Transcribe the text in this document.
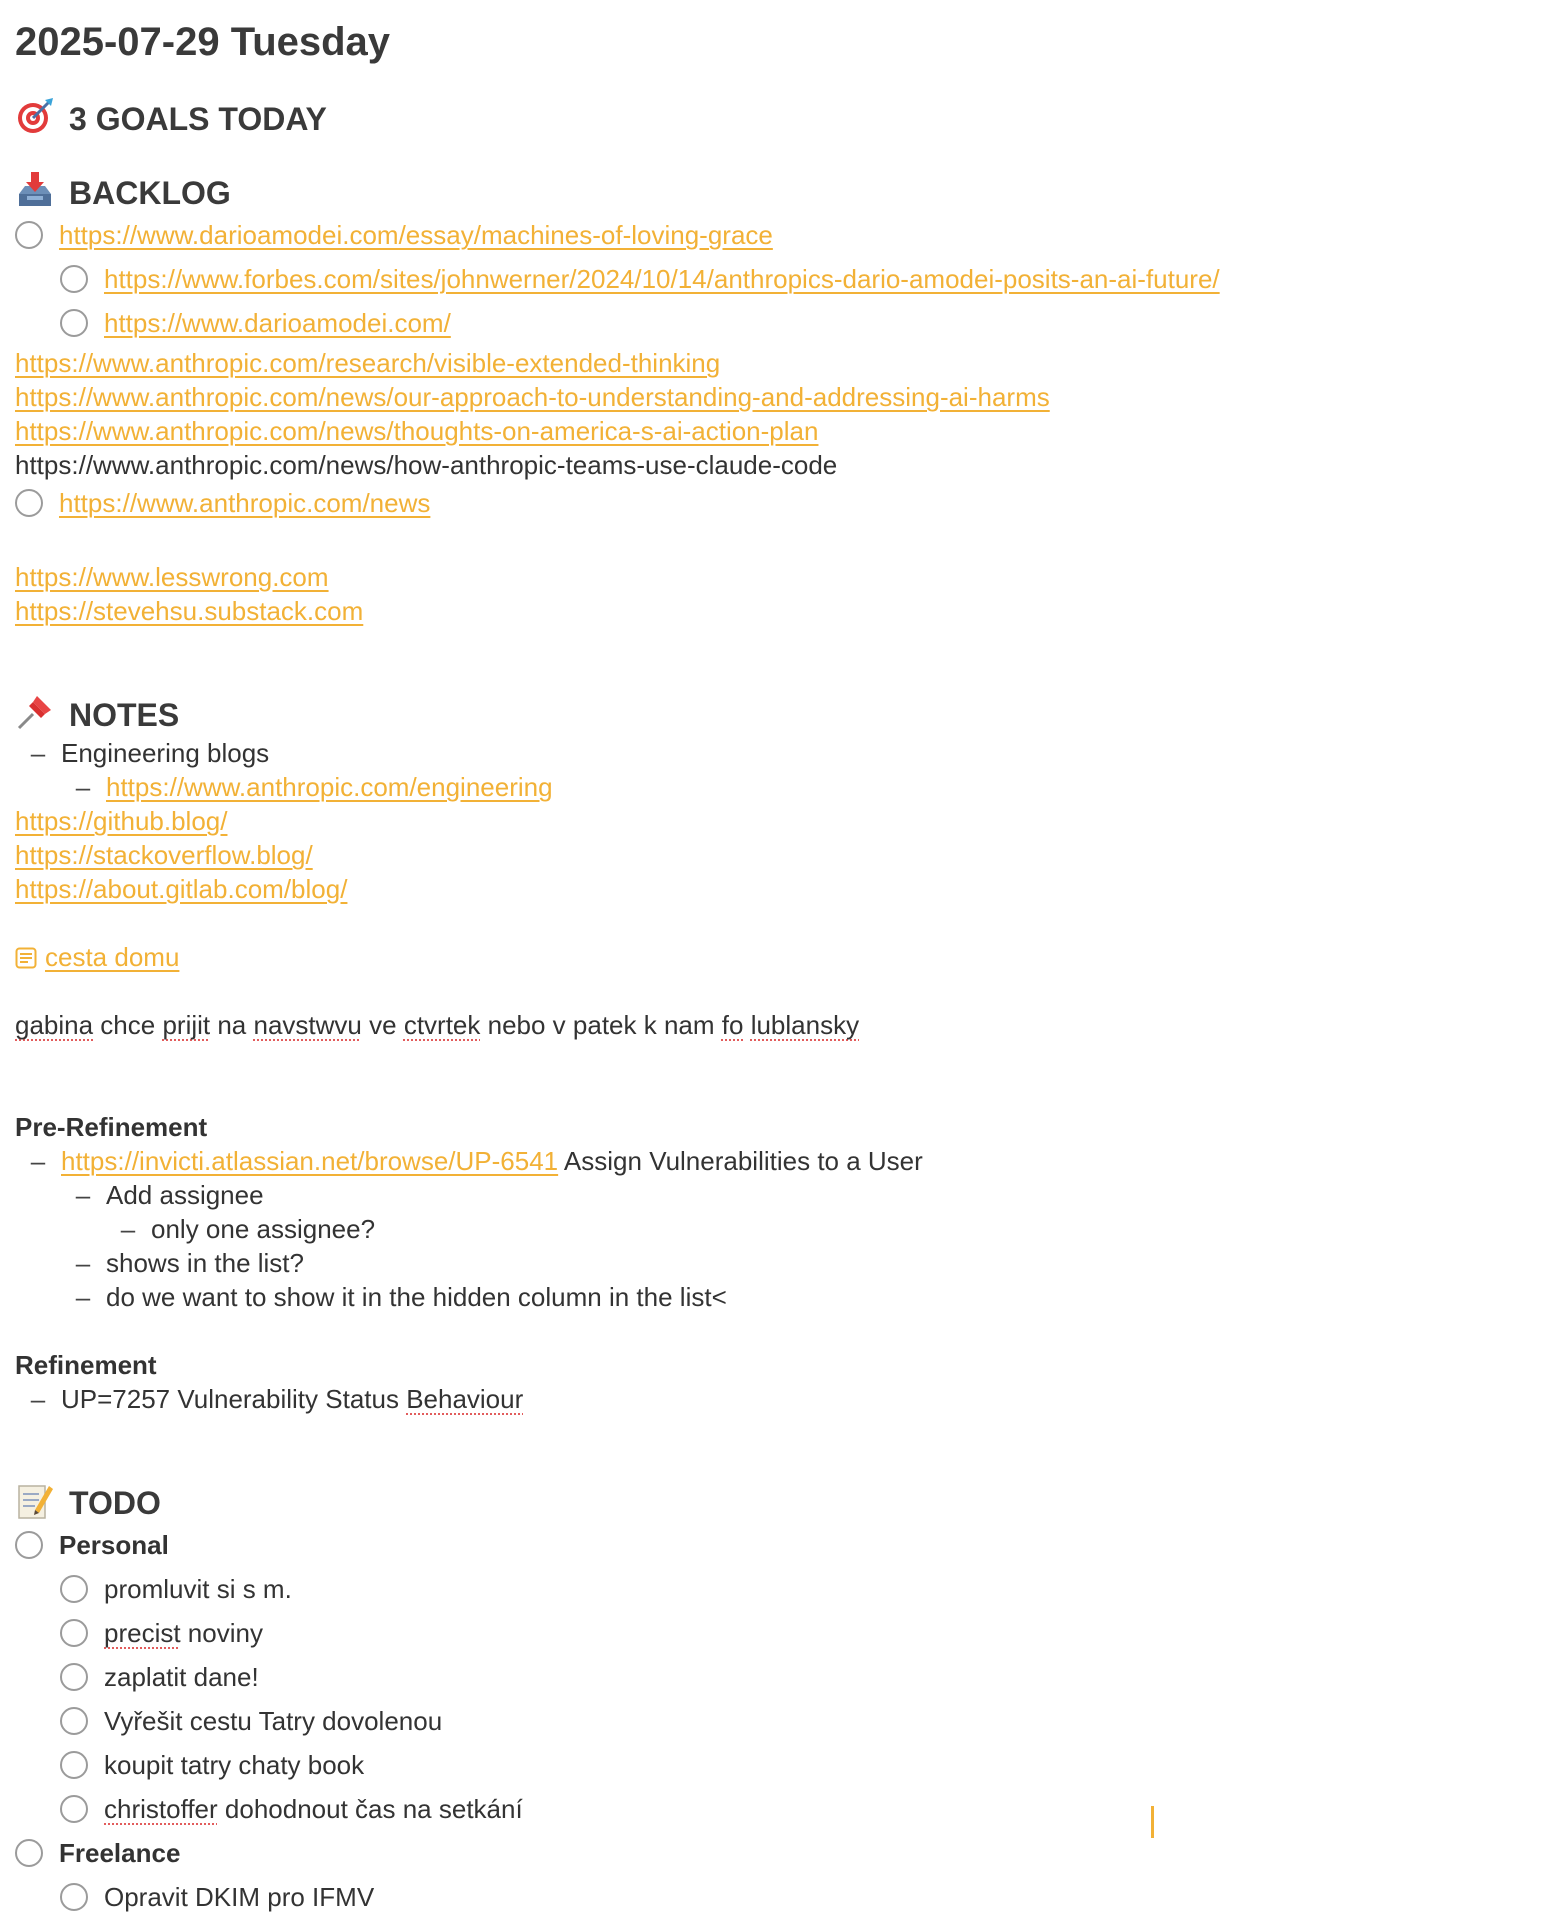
2025-07-29 Tuesday
3 GOALS TODAY
BACKLOG
https://www.darioamodei.com/essay/machines-of-loving-grace
https://www.forbes.com/sites/johnwerner/2024/10/14/anthropics-dario-amodei-posits-an-ai-future/
https://www.darioamodei.com/
https://www.anthropic.com/research/visible-extended-thinking
https://www.anthropic.com/news/our-approach-to-understanding-and-addressing-ai-harms
https://www.anthropic.com/news/thoughts-on-america-s-ai-action-plan
https://www.anthropic.com/news/how-anthropic-teams-use-claude-code
https://www.anthropic.com/news
https://www.lesswrong.com
https://stevehsu.substack.com
NOTES
– Engineering blogs
– https://www.anthropic.com/engineering
https://github.blog/
https://stackoverflow.blog/
https://about.gitlab.com/blog/
cesta domu
gabina chce prijit na navstwvu ve ctvrtek nebo v patek k nam fo lublansky
Pre-Refinement
– https://invicti.atlassian.net/browse/UP-6541 Assign Vulnerabilities to a User
– Add assignee
– only one assignee?
– shows in the list?
– do we want to show it in the hidden column in the list<
Refinement
– UP=7257 Vulnerability Status Behaviour
TODO
Personal
promluvit si s m.
precist noviny
zaplatit dane!
Vyřešit cestu Tatry dovolenou
koupit tatry chaty book
christoffer dohodnout čas na setkání
Freelance
Opravit DKIM pro IFMV
